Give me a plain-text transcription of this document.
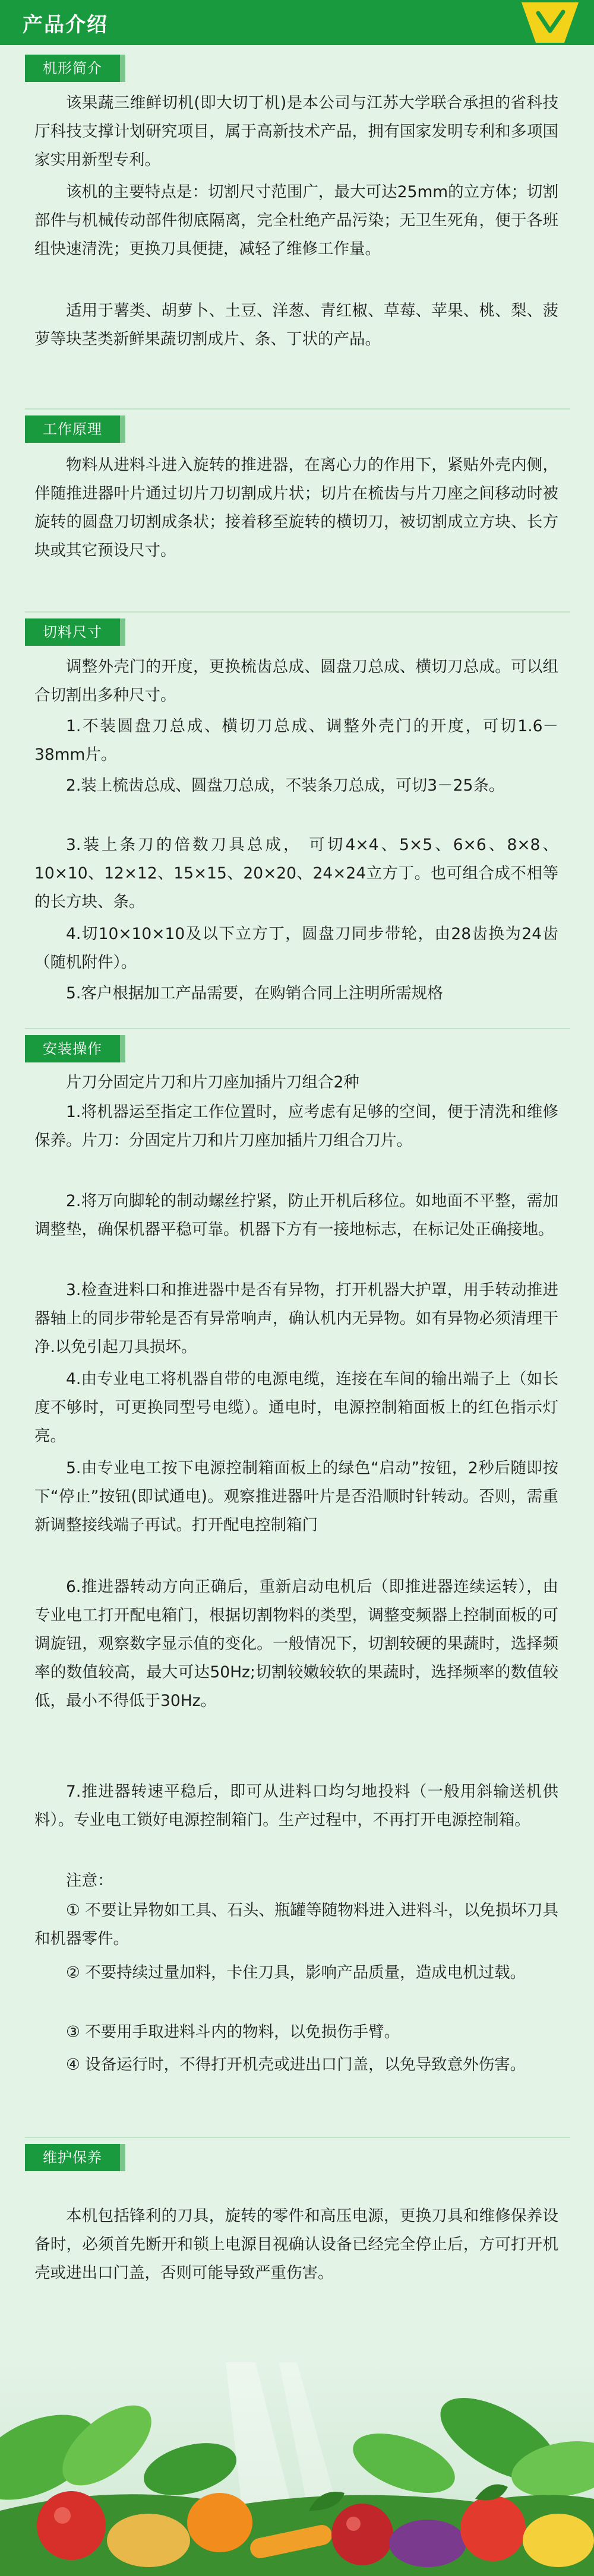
产品介绍
机形简介

该果蔬三维鲜切机(即大切丁机)是本公司与江苏大学联合承担的省科技厅科技支撑计划研究项目，属于高新技术产品，拥有国家发明专利和多项国家实用新型专利。

该机的主要特点是：切割尺寸范围广，最大可达25mm的立方体；切割部件与机械传动部件彻底隔离，完全杜绝产品污染；无卫生死角，便于各班组快速清洗；更换刀具便捷，减轻了维修工作量。

适用于薯类、胡萝卜、土豆、洋葱、青红椒、草莓、苹果、桃、梨、菠萝等块茎类新鲜果蔬切割成片、条、丁状的产品。

工作原理

物料从进料斗进入旋转的推进器，在离心力的作用下，紧贴外壳内侧，伴随推进器叶片通过切片刀切割成片状；切片在梳齿与片刀座之间移动时被旋转的圆盘刀切割成条状；接着移至旋转的横切刀，被切割成立方块、长方块或其它预设尺寸。

切料尺寸

调整外壳门的开度，更换梳齿总成、圆盘刀总成、横切刀总成。可以组合切割出多种尺寸。

1.不装圆盘刀总成、横切刀总成、调整外壳门的开度，可切1.6－38mm片。

2.装上梳齿总成、圆盘刀总成，不装条刀总成，可切3－25条。

3.装上条刀的倍数刀具总成， 可切4×4、5×5、6×6、8×8、10×10、12×12、15×15、20×20、24×24立方丁。也可组合成不相等的长方块、条。

4.切10×10×10及以下立方丁，圆盘刀同步带轮，由28齿换为24齿（随机附件）。

5.客户根据加工产品需要，在购销合同上注明所需规格

安装操作

片刀分固定片刀和片刀座加插片刀组合2种

1.将机器运至指定工作位置时，应考虑有足够的空间，便于清洗和维修保养。片刀：分固定片刀和片刀座加插片刀组合刀片。

2.将万向脚轮的制动螺丝拧紧，防止开机后移位。如地面不平整，需加调整垫，确保机器平稳可靠。机器下方有一接地标志，在标记处正确接地。

3.检查进料口和推进器中是否有异物，打开机器大护罩，用手转动推进器轴上的同步带轮是否有异常响声，确认机内无异物。如有异物必须清理干净.以免引起刀具损坏。

4.由专业电工将机器自带的电源电缆，连接在车间的输出端子上（如长度不够时，可更换同型号电缆）。通电时，电源控制箱面板上的红色指示灯亮。

5.由专业电工按下电源控制箱面板上的绿色“启动”按钮，2秒后随即按下“停止”按钮(即试通电)。观察推进器叶片是否沿顺时针转动。否则，需重新调整接线端子再试。打开配电控制箱门

6.推进器转动方向正确后，重新启动电机后（即推进器连续运转），由专业电工打开配电箱门，根据切割物料的类型，调整变频器上控制面板的可调旋钮，观察数字显示值的变化。一般情况下，切割较硬的果蔬时，选择频率的数值较高，最大可达50Hz;切割较嫩较软的果蔬时，选择频率的数值较低，最小不得低于30Hz。

7.推进器转速平稳后，即可从进料口均匀地投料（一般用斜输送机供料）。专业电工锁好电源控制箱门。生产过程中，不再打开电源控制箱。

注意：

① 不要让异物如工具、石头、瓶罐等随物料进入进料斗，以免损坏刀具和机器零件。

② 不要持续过量加料，卡住刀具，影响产品质量，造成电机过载。

③ 不要用手取进料斗内的物料，以免损伤手臂。

④ 设备运行时，不得打开机壳或进出口门盖，以免导致意外伤害。

维护保养

本机包括锋利的刀具，旋转的零件和高压电源，更换刀具和维修保养设备时，必须首先断开和锁上电源目视确认设备已经完全停止后，方可打开机壳或进出口门盖，否则可能导致严重伤害。
